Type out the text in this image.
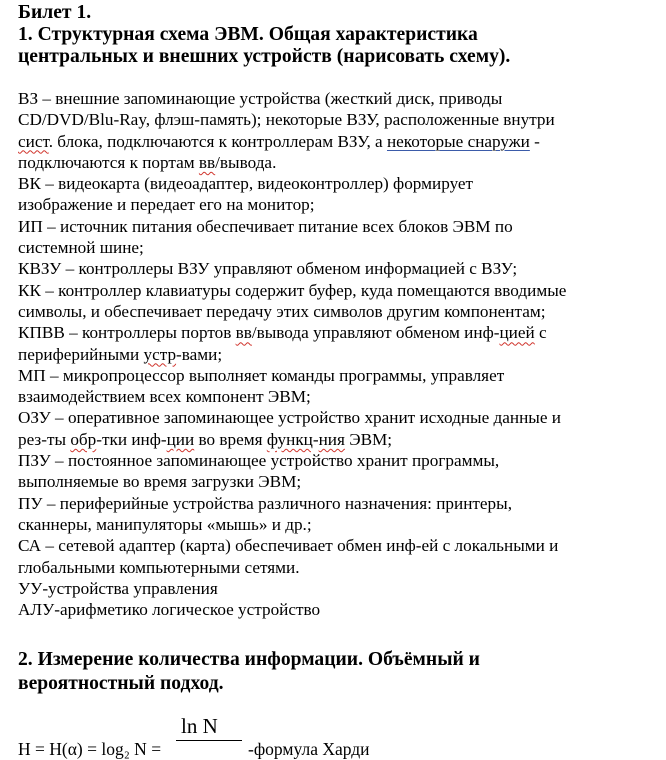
Билет 1.
1. Структурная схема ЭВМ. Общая характеристика
центральных и внешних устройств (нарисовать схему).
ВЗ – внешние запоминающие устройства (жесткий диск, приводы
CD/DVD/Blu-Ray, флэш-память); некоторые ВЗУ, расположенные внутри
сист. блока, подключаются к контроллерам ВЗУ, а некоторые снаружи -
подключаются к портам вв/вывода.
ВК – видеокарта (видеоадаптер, видеоконтроллер) формирует
изображение и передает его на монитор;
ИП – источник питания обеспечивает питание всех блоков ЭВМ по
системной шине;
КВЗУ – контроллеры ВЗУ управляют обменом информацией с ВЗУ;
КК – контроллер клавиатуры содержит буфер, куда помещаются вводимые
символы, и обеспечивает передачу этих символов другим компонентам;
КПВВ – контроллеры портов вв/вывода управляют обменом инф-цией с
периферийными устр-вами;
МП – микропроцессор выполняет команды программы, управляет
взаимодействием всех компонент ЭВМ;
ОЗУ – оперативное запоминающее устройство хранит исходные данные и
рез-ты обр-тки инф-ции во время функц-ния ЭВМ;
ПЗУ – постоянное запоминающее устройство хранит программы,
выполняемые во время загрузки ЭВМ;
ПУ – периферийные устройства различного назначения: принтеры,
сканнеры, манипуляторы «мышь» и др.;
СА – сетевой адаптер (карта) обеспечивает обмен инф-ей с локальными и
глобальными компьютерными сетями.
УУ-устройства управления
АЛУ-арифметико логическое устройство
2. Измерение количества информации. Объёмный и
вероятностный подход.
H = H(α) = log₂ N =
ln N
-формула Харди
